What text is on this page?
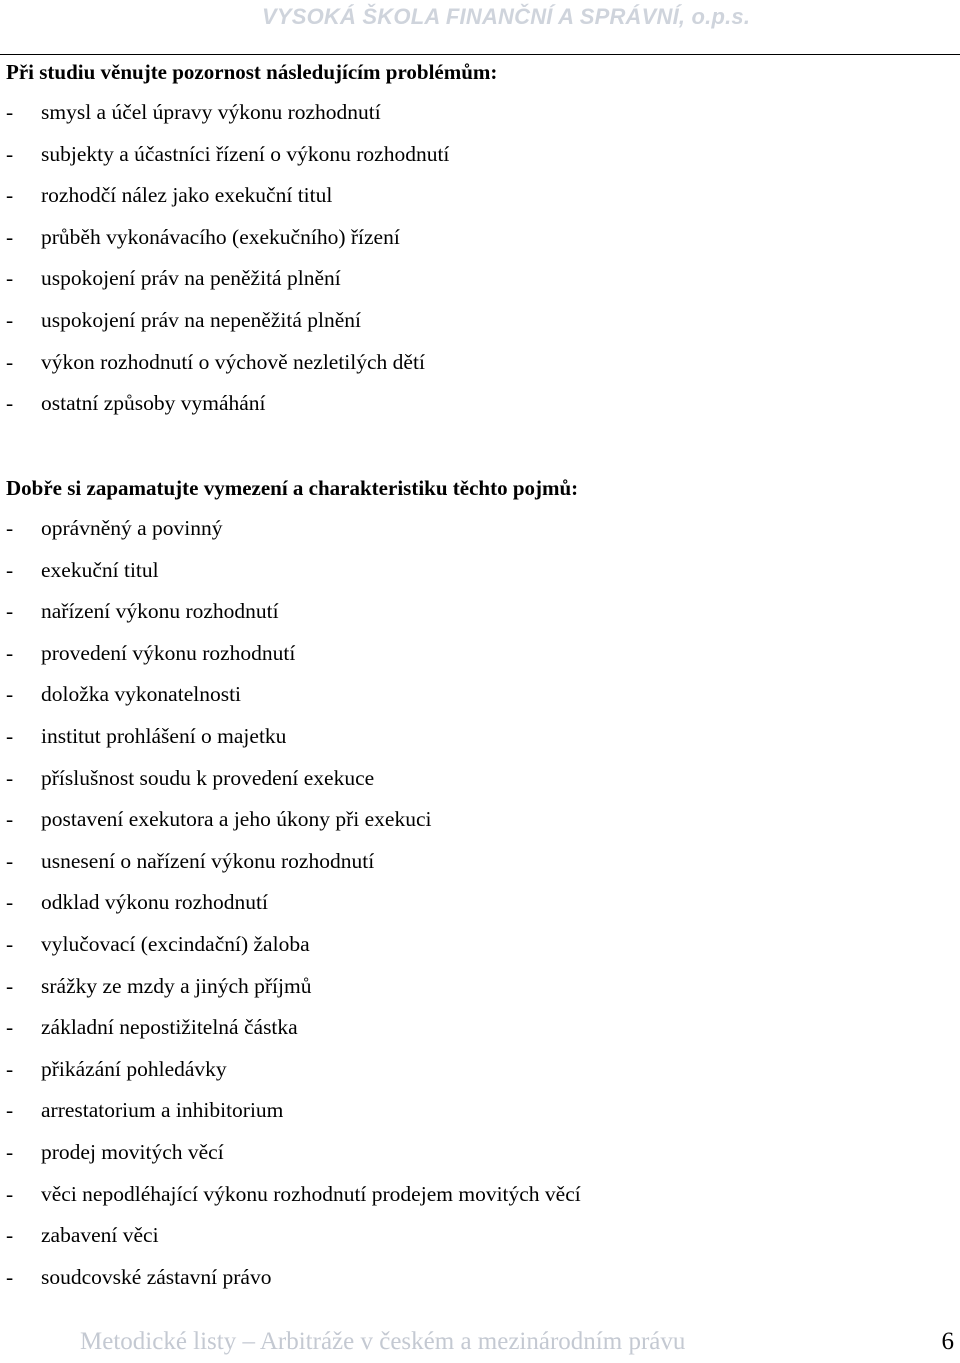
VYSOKÁ ŠKOLA FINANČNÍ A SPRÁVNÍ, o.p.s.
Při studiu věnujte pozornost následujícím problémům:
- smysl a účel úpravy výkonu rozhodnutí
- subjekty a účastníci řízení o výkonu rozhodnutí
- rozhodčí nález jako exekuční titul
- průběh vykonávacího (exekučního) řízení
- uspokojení práv na peněžitá plnění
- uspokojení práv na nepeněžitá plnění
- výkon rozhodnutí o výchově nezletilých dětí
- ostatní způsoby vymáhání
Dobře si zapamatujte vymezení a charakteristiku těchto pojmů:
- oprávněný a povinný
- exekuční titul
- nařízení výkonu rozhodnutí
- provedení výkonu rozhodnutí
- doložka vykonatelnosti
- institut prohlášení o majetku
- příslušnost soudu k provedení exekuce
- postavení exekutora a jeho úkony při exekuci
- usnesení o nařízení výkonu rozhodnutí
- odklad výkonu rozhodnutí
- vylučovací (excindační) žaloba
- srážky ze mzdy a jiných příjmů
- základní nepostižitelná částka
- přikázání pohledávky
- arrestatorium a inhibitorium
- prodej movitých věcí
- věci nepodléhající výkonu rozhodnutí prodejem movitých věcí
- zabavení věci
- soudcovské zástavní právo
Metodické listy – Arbitráže v českém a mezinárodním právu	6
